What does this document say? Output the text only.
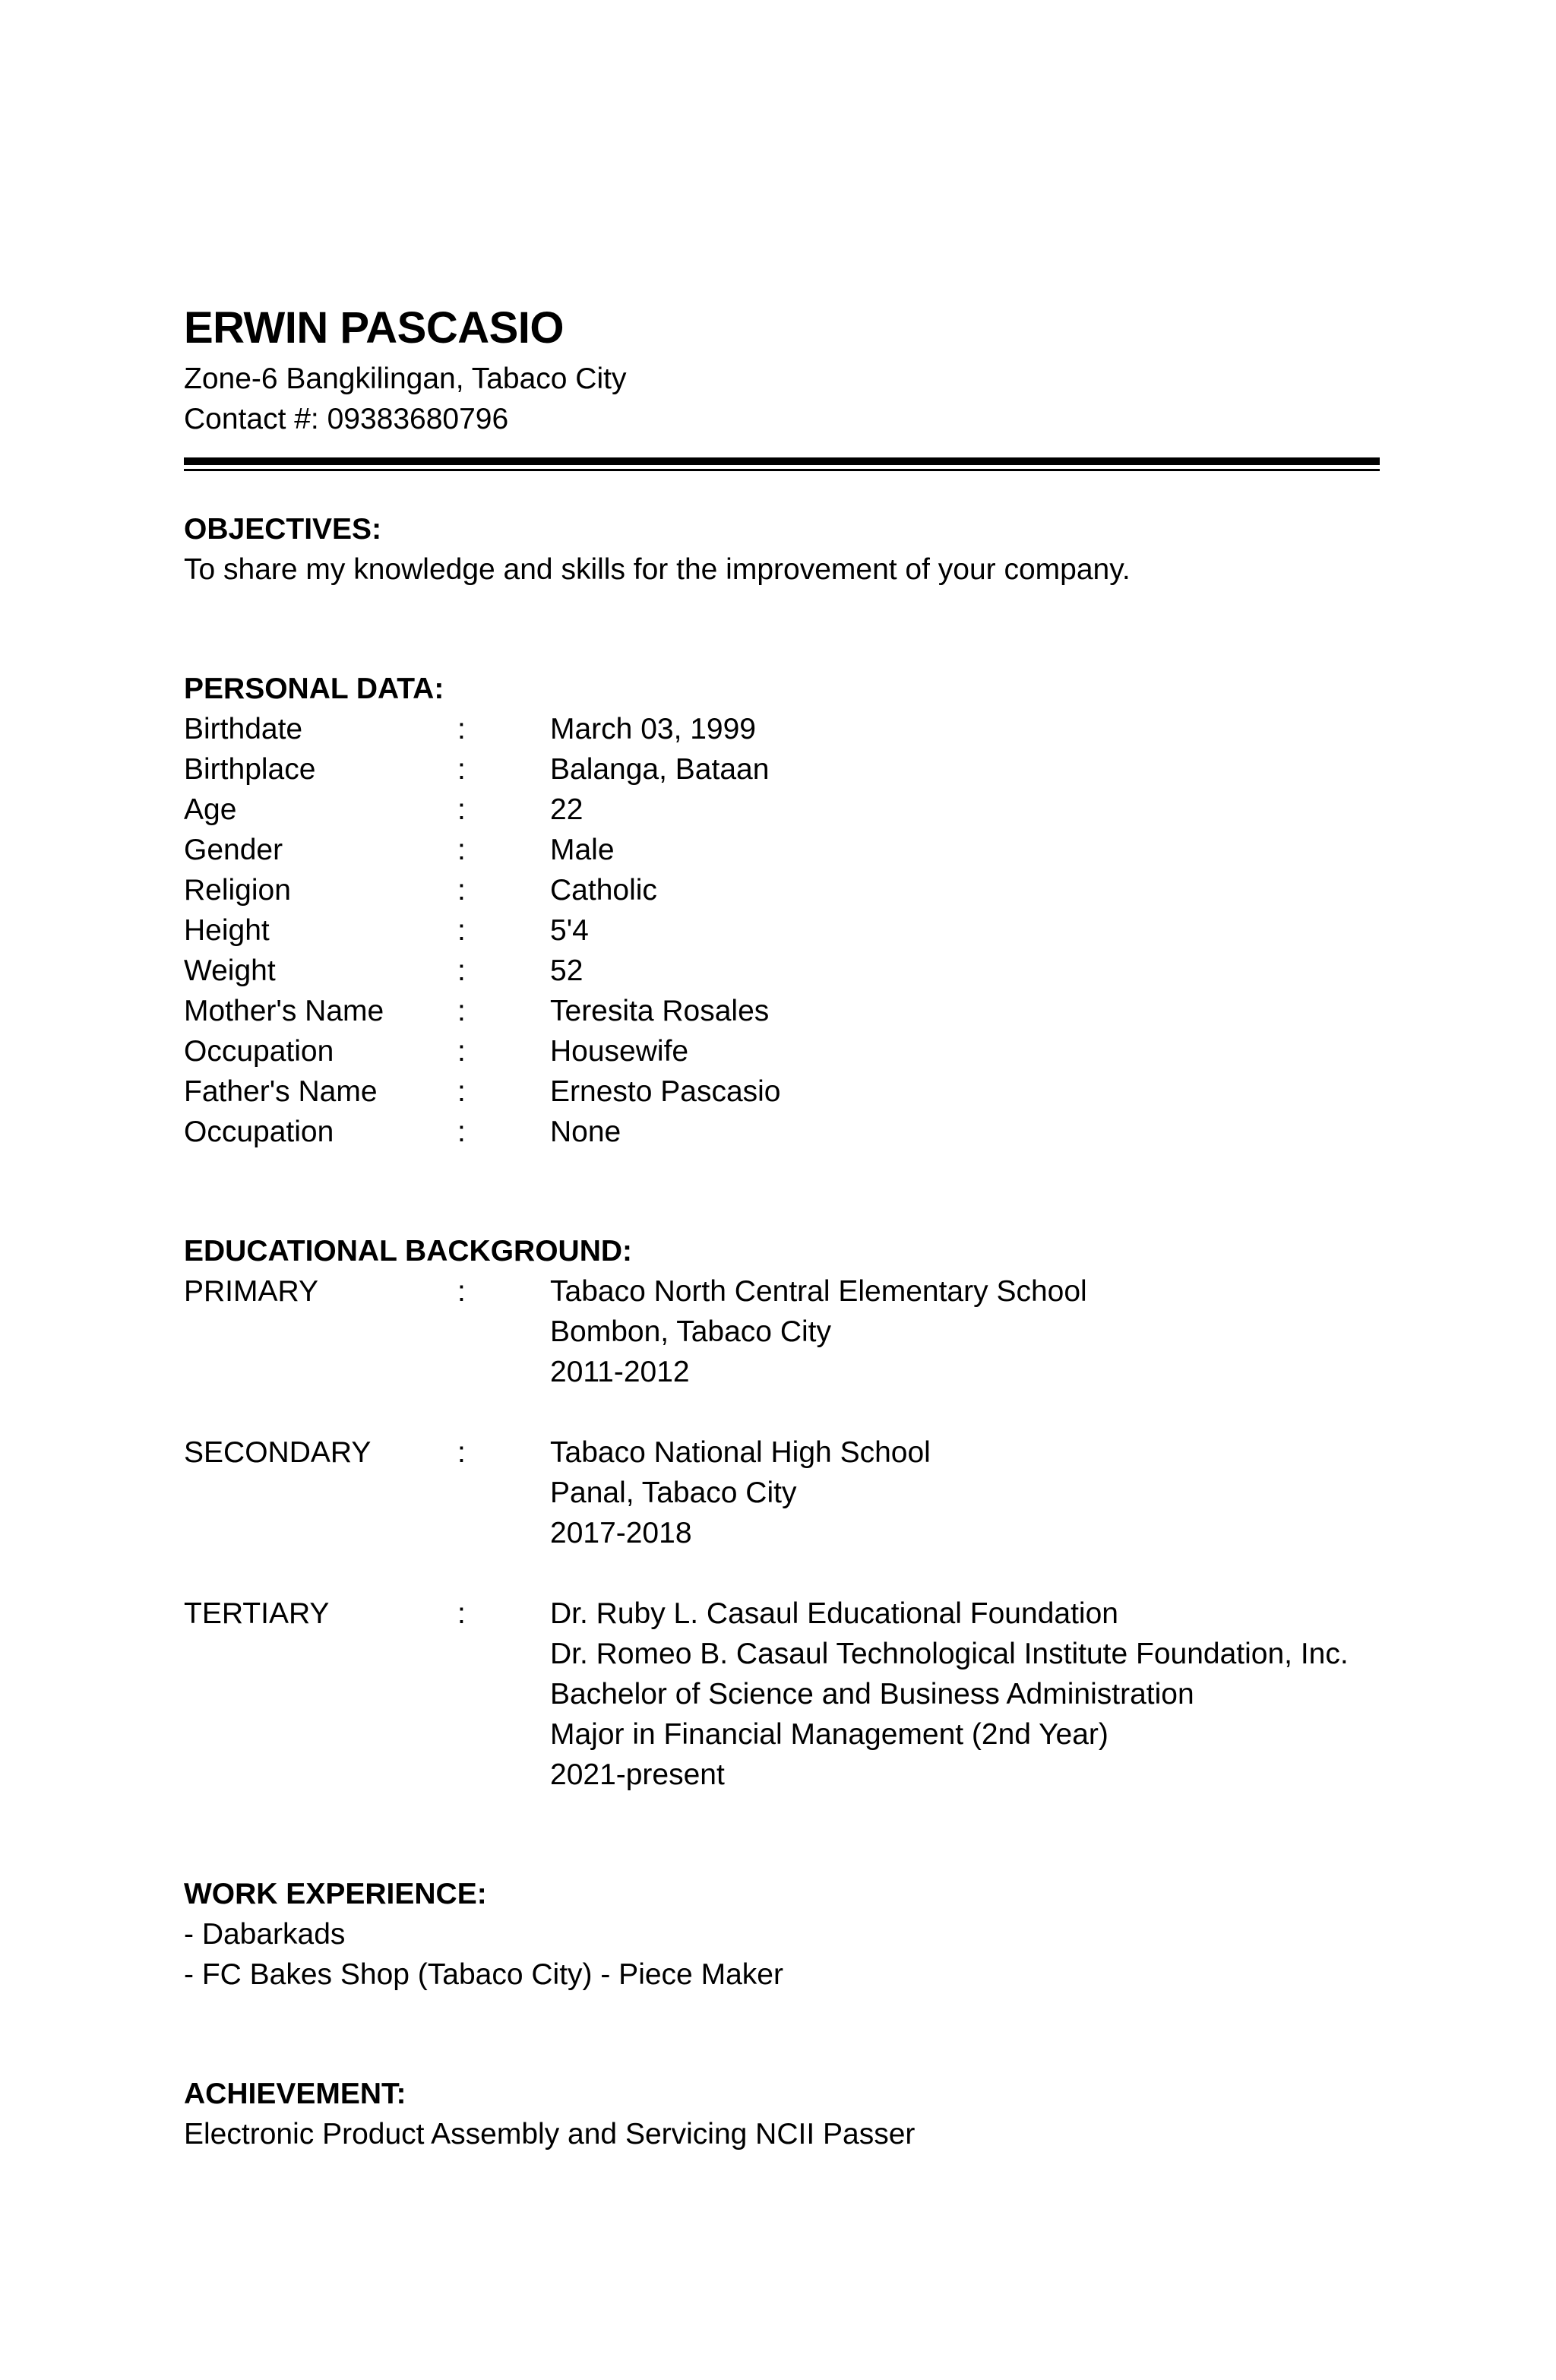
ERWIN PASCASIO
Zone-6 Bangkilingan, Tabaco City
Contact #: 09383680796
OBJECTIVES:
To share my knowledge and skills for the improvement of your company.
PERSONAL DATA:
Birthdate	:	March 03, 1999
Birthplace	:	Balanga, Bataan
Age	:	22
Gender	:	Male
Religion	:	Catholic
Height	:	5'4
Weight	:	52
Mother's Name	:	Teresita Rosales
Occupation	:	Housewife
Father's Name	:	Ernesto Pascasio
Occupation	:	None
EDUCATIONAL BACKGROUND:
PRIMARY	:	Tabaco North Central Elementary School
Bombon, Tabaco City
2011-2012
SECONDARY	:	Tabaco National High School
Panal, Tabaco City
2017-2018
TERTIARY	:	Dr. Ruby L. Casaul Educational Foundation
Dr. Romeo B. Casaul Technological Institute Foundation, Inc.
Bachelor of Science and Business Administration
Major in Financial Management (2nd Year)
2021-present
WORK EXPERIENCE:
- Dabarkads
- FC Bakes Shop (Tabaco City) - Piece Maker
ACHIEVEMENT:
Electronic Product Assembly and Servicing NCII Passer
